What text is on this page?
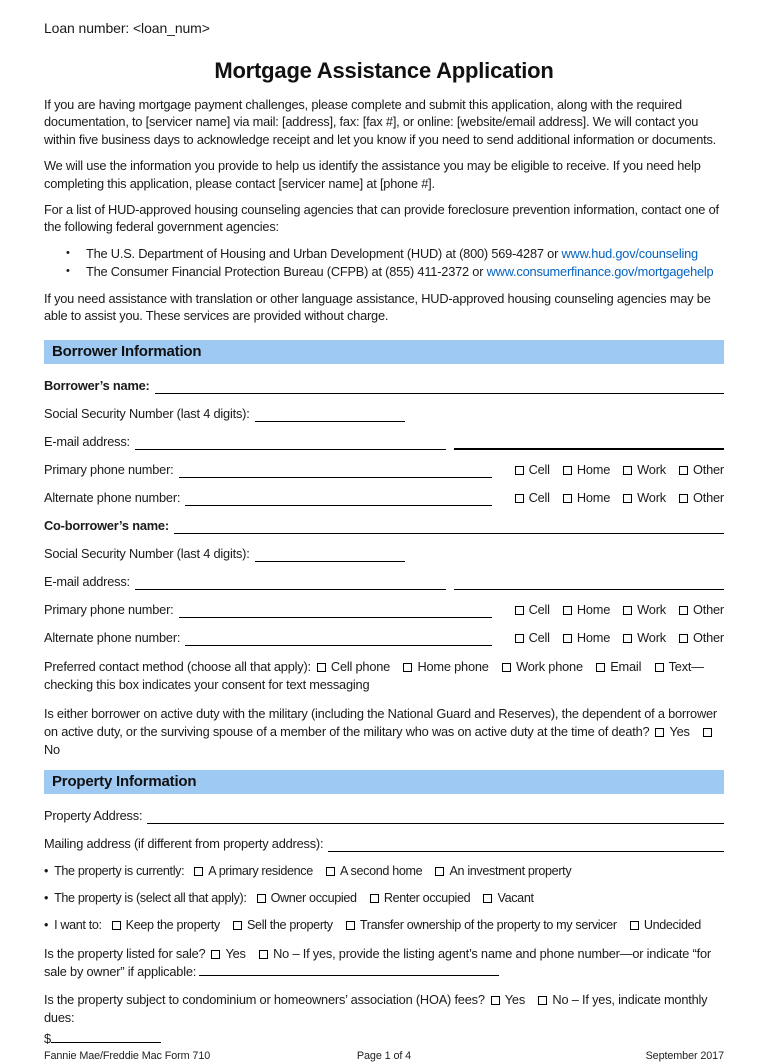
Loan number: <loan_num>
Mortgage Assistance Application

If you are having mortgage payment challenges, please complete and submit this application, along with the required documentation, to [servicer name] via mail: [address], fax: [fax #], or online: [website/email address]. We will contact you within five business days to acknowledge receipt and let you know if you need to send additional information or documents.

We will use the information you provide to help us identify the assistance you may be eligible to receive. If you need help completing this application, please contact [servicer name] at [phone #].

For a list of HUD-approved housing counseling agencies that can provide foreclosure prevention information, contact one of the following federal government agencies:

•	The U.S. Department of Housing and Urban Development (HUD) at (800) 569-4287 or www.hud.gov/counseling
•	The Consumer Financial Protection Bureau (CFPB) at (855) 411-2372 or www.consumerfinance.gov/mortgagehelp

If you need assistance with translation or other language assistance, HUD-approved housing counseling agencies may be able to assist you. These services are provided without charge.

Borrower Information
Borrower’s name:
Social Security Number (last 4 digits):
E-mail address:
Primary phone number:	Cell	Home	Work	Other
Alternate phone number:	Cell	Home	Work	Other
Co-borrower’s name:
Social Security Number (last 4 digits):
E-mail address:
Primary phone number:	Cell	Home	Work	Other
Alternate phone number:	Cell	Home	Work	Other

Preferred contact method (choose all that apply): Cell phone Home phone Work phone Email Text—checking this box indicates your consent for text messaging

Is either borrower on active duty with the military (including the National Guard and Reserves), the dependent of a borrower on active duty, or the surviving spouse of a member of the military who was on active duty at the time of death? Yes No

Property Information
Property Address:
Mailing address (if different from property address):

• The property is currently: A primary residence A second home An investment property

• The property is (select all that apply): Owner occupied Renter occupied Vacant

• I want to: Keep the property Sell the property Transfer ownership of the property to my servicer Undecided

Is the property listed for sale? Yes No – If yes, provide the listing agent’s name and phone number—or indicate “for sale by owner” if applicable:

Is the property subject to condominium or homeowners’ association (HOA) fees? Yes No – If yes, indicate monthly dues:

$
Fannie Mae/Freddie Mac Form 710	Page 1 of 4	September 2017
